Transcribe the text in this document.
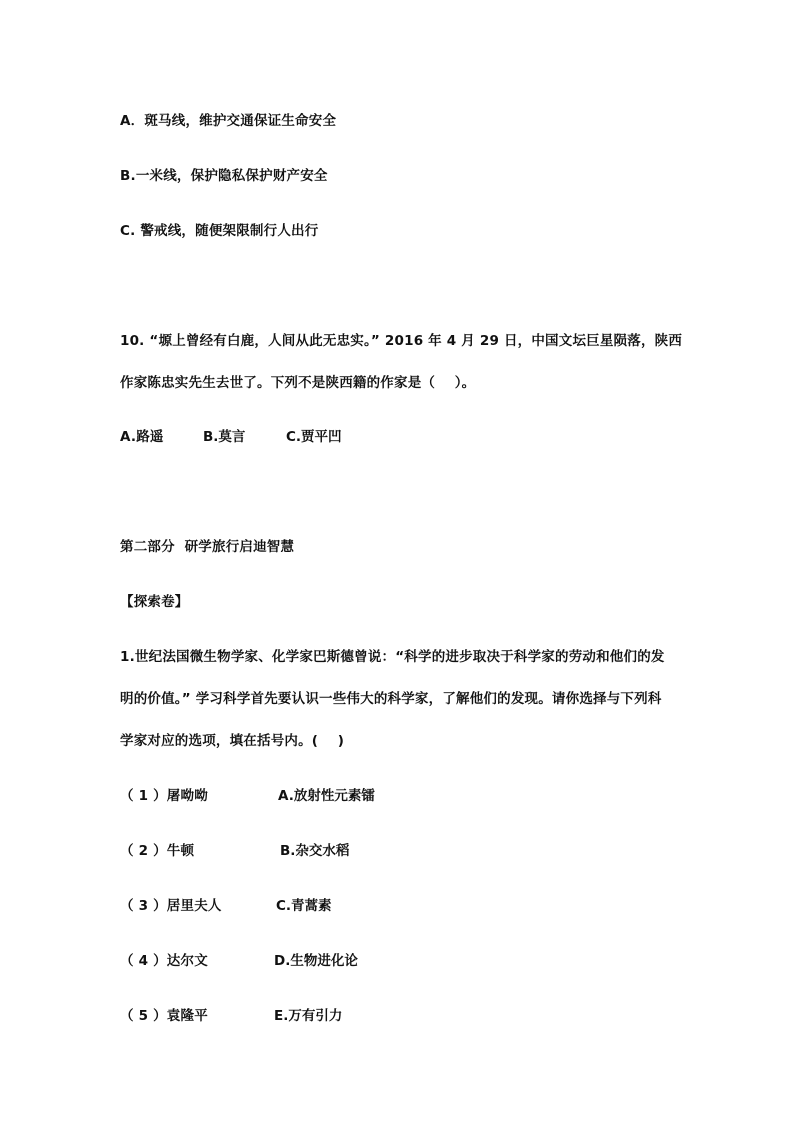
A．斑马线，维护交通保证生命安全
B.一米线，保护隐私保护财产安全
C. 警戒线，随便架限制行人出行
10. “塬上曾经有白鹿，人间从此无忠实。” 2016 年 4 月 29 日，中国文坛巨星陨落，陕西
作家陈忠实先生去世了。下列不是陕西籍的作家是（    ）。
A.路遥	B.莫言	C.贾平凹
第二部分  研学旅行启迪智慧
【探索卷】
1.世纪法国微生物学家、化学家巴斯德曾说：“科学的进步取决于科学家的劳动和他们的发
明的价值。” 学习科学首先要认识一些伟大的科学家，了解他们的发现。请你选择与下列科
学家对应的选项，填在括号内。(    )
（ 1 ）屠呦呦	A.放射性元素镭
（ 2 ）牛顿	B.杂交水稻
（ 3 ）居里夫人	C.青蒿素
（ 4 ）达尔文	D.生物进化论
（ 5 ）袁隆平	E.万有引力
